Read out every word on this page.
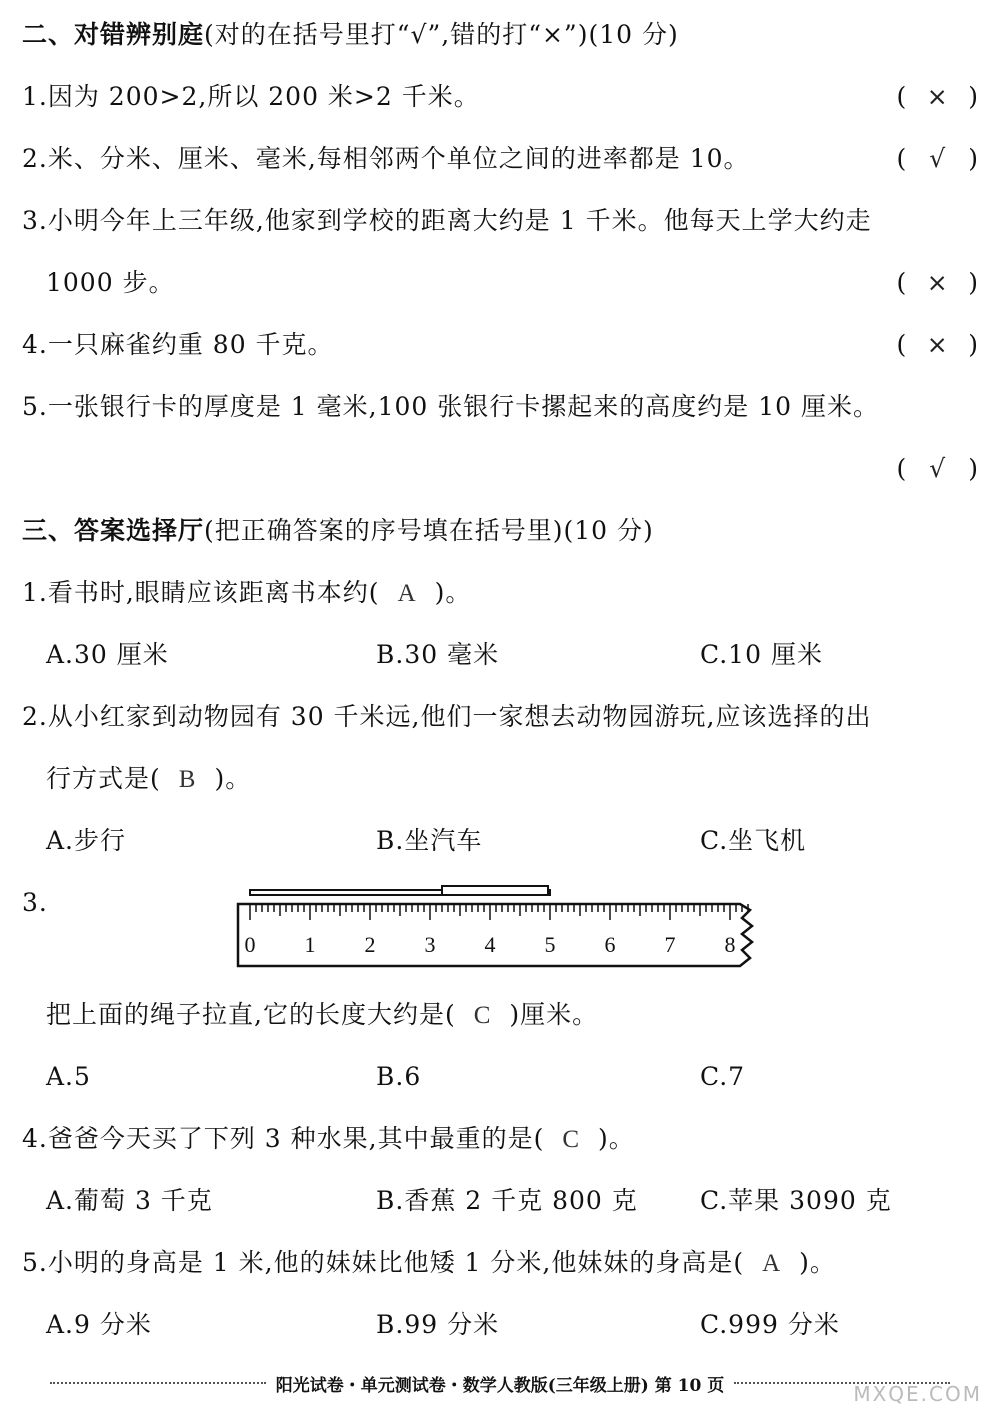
二、对错辨别庭(对的在括号里打“√”,错的打“×”)(10 分)
1.因为 200>2,所以 200 米>2 千米。	( × )
2.米、分米、厘米、毫米,每相邻两个单位之间的进率都是 10。	( √ )
3.小明今年上三年级,他家到学校的距离大约是 1 千米。他每天上学大约走
1000 步。	( × )
4.一只麻雀约重 80 千克。	( × )
5.一张银行卡的厚度是 1 毫米,100 张银行卡摞起来的高度约是 10 厘米。
( √ )
三、答案选择厅(把正确答案的序号填在括号里)(10 分)
1.看书时,眼睛应该距离书本约( A )。
A.30 厘米	B.30 毫米	C.10 厘米
2.从小红家到动物园有 30 千米远,他们一家想去动物园游玩,应该选择的出
行方式是( B )。
A.步行	B.坐汽车	C.坐飞机
3.
0 1 2 3 4 5 6 7 8
把上面的绳子拉直,它的长度大约是( C )厘米。
A.5	B.6	C.7
4.爸爸今天买了下列 3 种水果,其中最重的是( C )。
A.葡萄 3 千克	B.香蕉 2 千克 800 克 C.苹果 3090 克
5.小明的身高是 1 米,他的妹妹比他矮 1 分米,他妹妹的身高是( A )。
A.9 分米	B.99 分米	C.999 分米
阳光试卷・单元测试卷・数学人教版(三年级上册) 第 10 页	MXQE.COM
